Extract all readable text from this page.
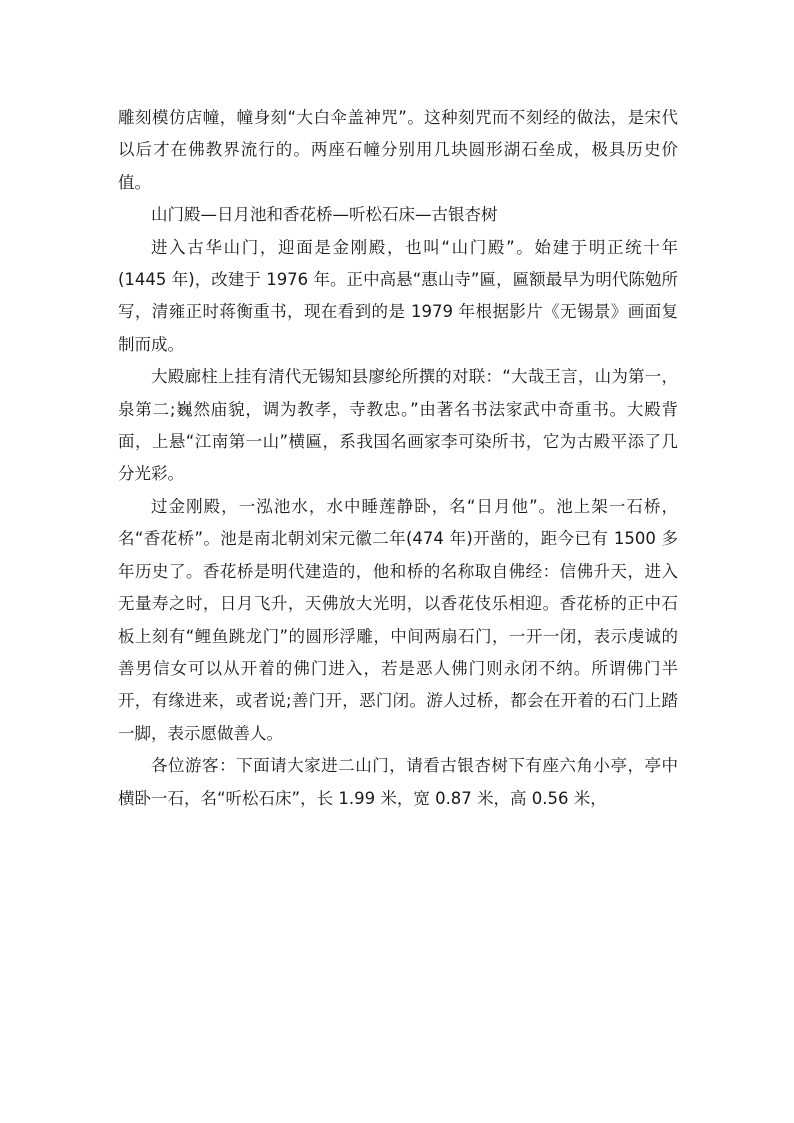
雕刻模仿店幢，幢身刻“大白伞盖神咒”。这种刻咒而不刻经的做法，是宋代以后才在佛教界流行的。两座石幢分别用几块圆形湖石垒成，极具历史价值。

山门殿—日月池和香花桥—听松石床—古银杏树

进入古华山门，迎面是金刚殿，也叫“山门殿”。始建于明正统十年(1445 年)，改建于 1976 年。正中高悬“惠山寺”匾，匾额最早为明代陈勉所写，清雍正时蒋衡重书，现在看到的是 1979 年根据影片《无锡景》画面复制而成。

大殿廊柱上挂有清代无锡知县廖纶所撰的对联：“大哉王言，山为第一，泉第二;巍然庙貌，调为教孝，寺教忠。”由著名书法家武中奇重书。大殿背面，上悬“江南第一山”横匾，系我国名画家李可染所书，它为古殿平添了几分光彩。

过金刚殿，一泓池水，水中睡莲静卧，名“日月他”。池上架一石桥，名“香花桥”。池是南北朝刘宋元徽二年(474 年)开凿的，距今已有 1500 多年历史了。香花桥是明代建造的，他和桥的名称取自佛经：信佛升天，进入无量寿之时，日月飞升，天佛放大光明，以香花伎乐相迎。香花桥的正中石板上刻有“鲤鱼跳龙门”的圆形浮雕，中间两扇石门，一开一闭，表示虔诚的善男信女可以从开着的佛门进入，若是恶人佛门则永闭不纳。所谓佛门半开，有缘进来，或者说;善门开，恶门闭。游人过桥，都会在开着的石门上踏一脚，表示愿做善人。

各位游客：下面请大家进二山门，请看古银杏树下有座六角小亭，亭中横卧一石，名“听松石床”，长 1.99 米，宽 0.87 米，高 0.56 米，
